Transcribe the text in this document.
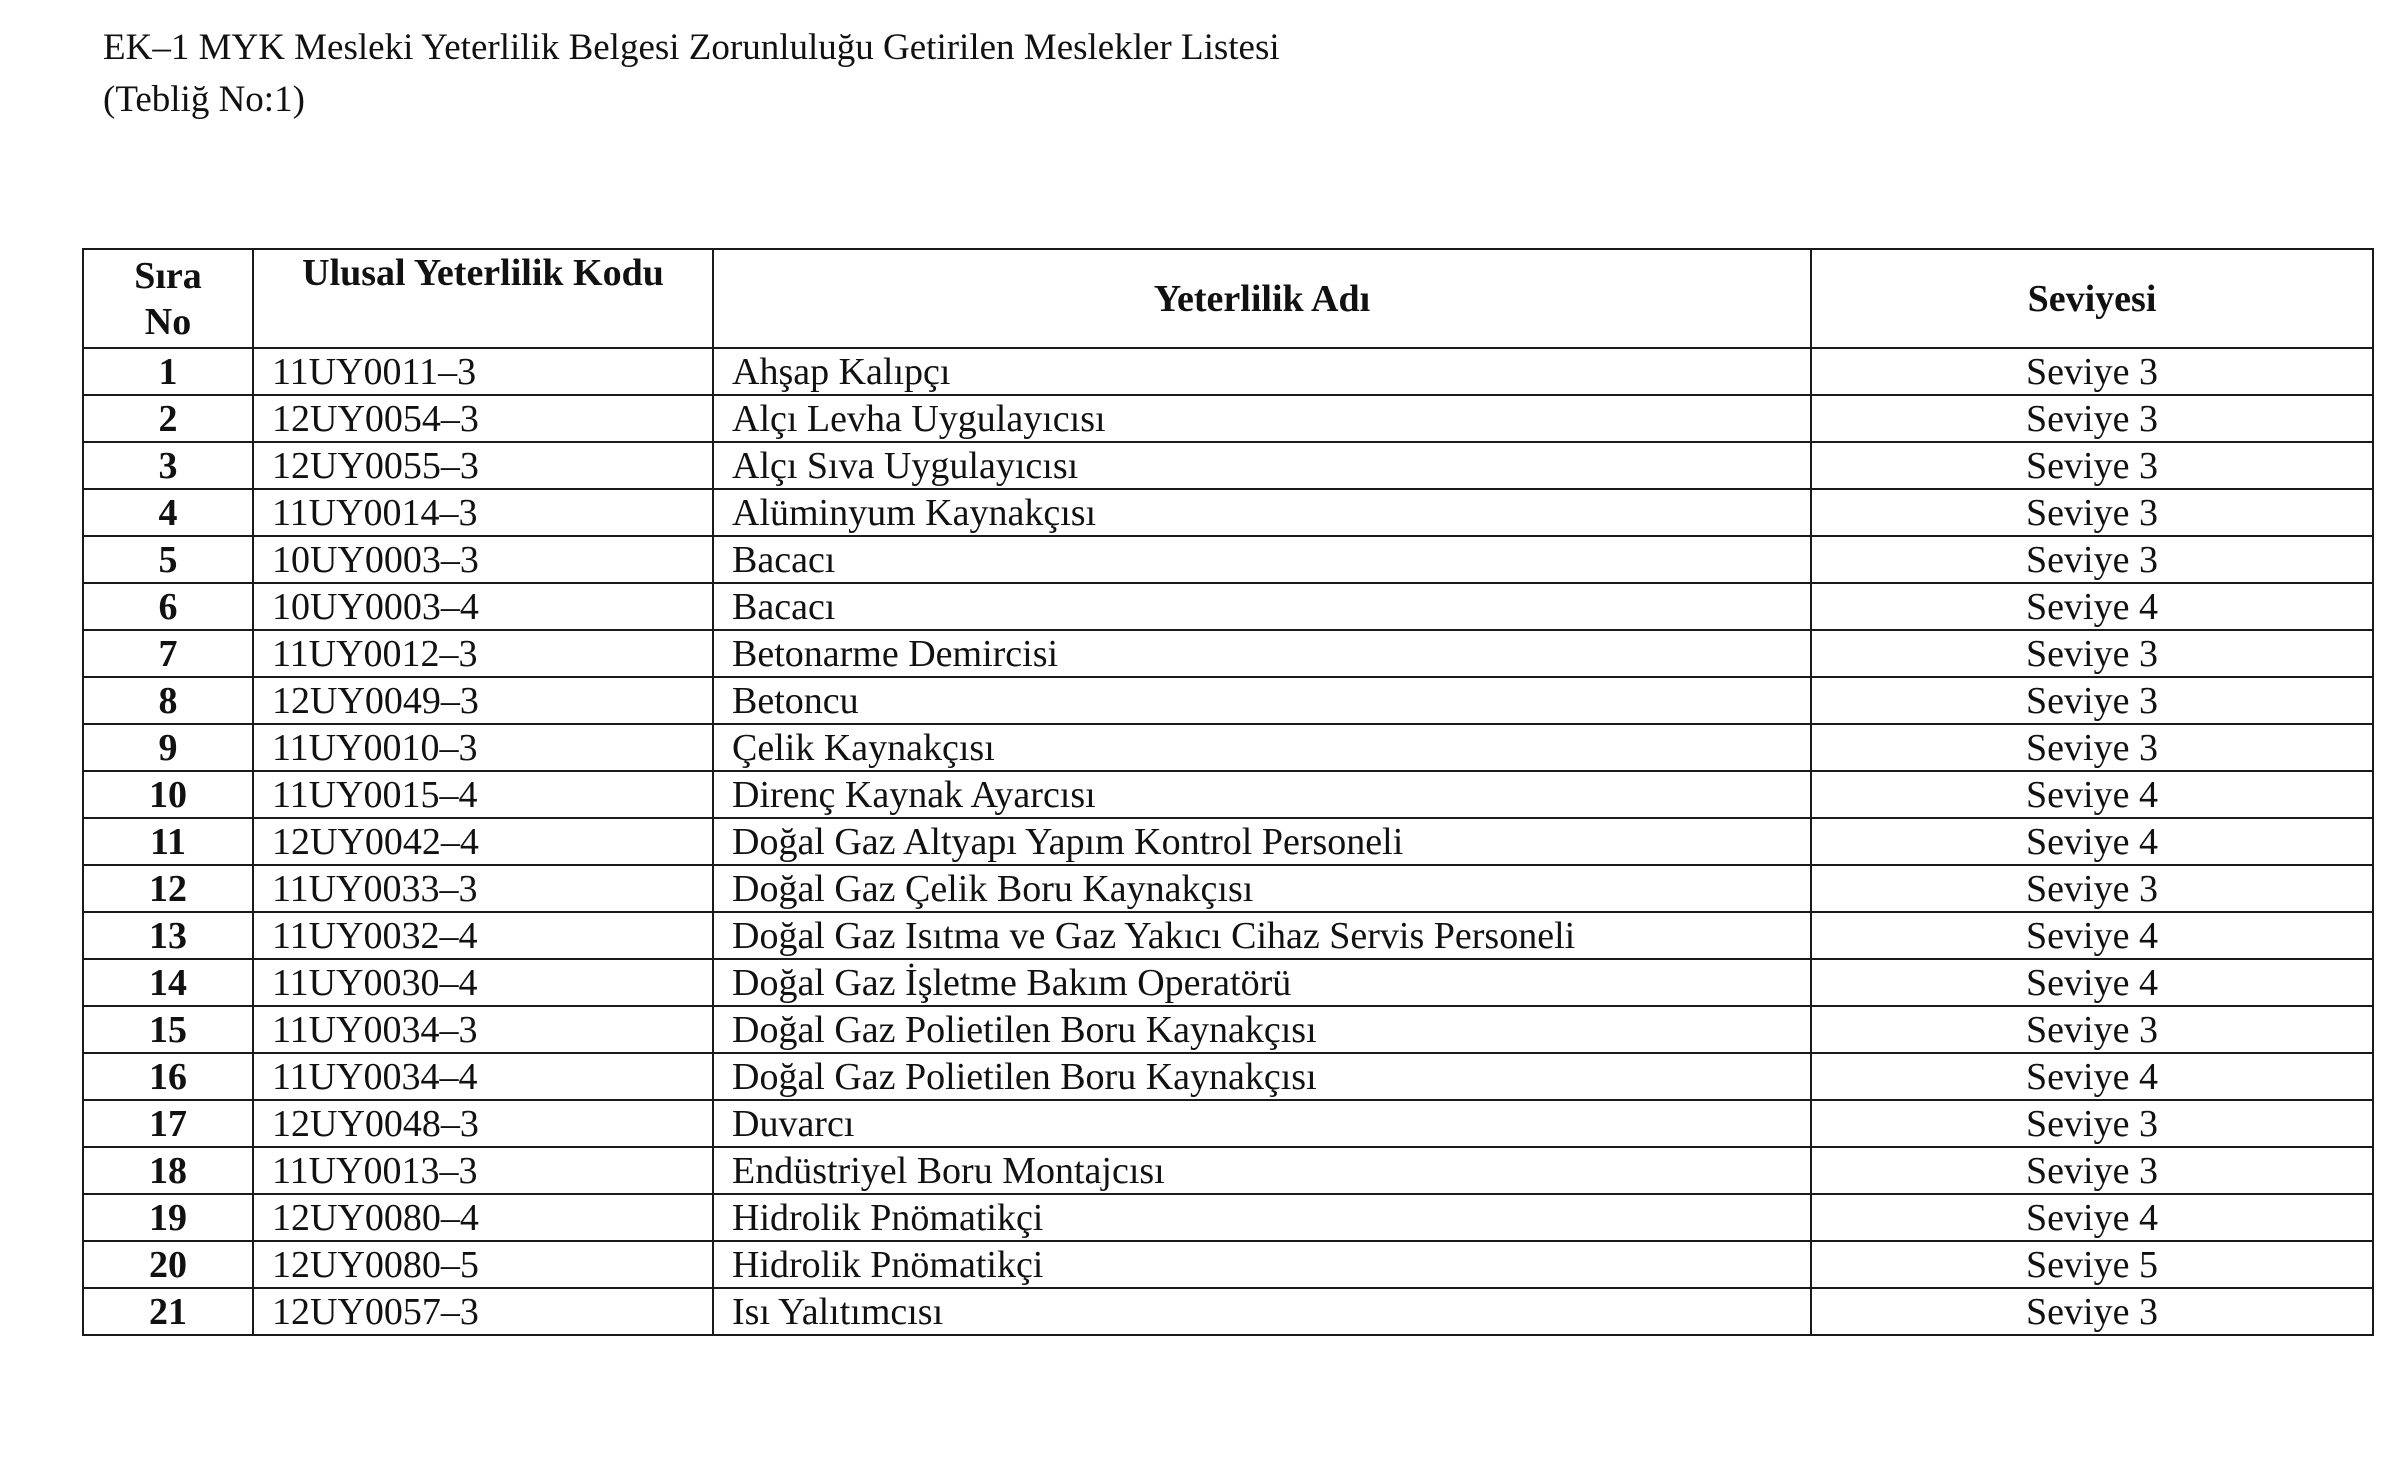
EK–1 MYK Mesleki Yeterlilik Belgesi Zorunluluğu Getirilen Meslekler Listesi
(Tebliğ No:1)
Sıra
No	Ulusal Yeterlilik Kodu	Yeterlilik Adı	Seviyesi
1	11UY0011–3	Ahşap Kalıpçı	Seviye 3
2	12UY0054–3	Alçı Levha Uygulayıcısı	Seviye 3
3	12UY0055–3	Alçı Sıva Uygulayıcısı	Seviye 3
4	11UY0014–3	Alüminyum Kaynakçısı	Seviye 3
5	10UY0003–3	Bacacı	Seviye 3
6	10UY0003–4	Bacacı	Seviye 4
7	11UY0012–3	Betonarme Demircisi	Seviye 3
8	12UY0049–3	Betoncu	Seviye 3
9	11UY0010–3	Çelik Kaynakçısı	Seviye 3
10	11UY0015–4	Direnç Kaynak Ayarcısı	Seviye 4
11	12UY0042–4	Doğal Gaz Altyapı Yapım Kontrol Personeli	Seviye 4
12	11UY0033–3	Doğal Gaz Çelik Boru Kaynakçısı	Seviye 3
13	11UY0032–4	Doğal Gaz Isıtma ve Gaz Yakıcı Cihaz Servis Personeli	Seviye 4
14	11UY0030–4	Doğal Gaz İşletme Bakım Operatörü	Seviye 4
15	11UY0034–3	Doğal Gaz Polietilen Boru Kaynakçısı	Seviye 3
16	11UY0034–4	Doğal Gaz Polietilen Boru Kaynakçısı	Seviye 4
17	12UY0048–3	Duvarcı	Seviye 3
18	11UY0013–3	Endüstriyel Boru Montajcısı	Seviye 3
19	12UY0080–4	Hidrolik Pnömatikçi	Seviye 4
20	12UY0080–5	Hidrolik Pnömatikçi	Seviye 5
21	12UY0057–3	Isı Yalıtımcısı	Seviye 3
